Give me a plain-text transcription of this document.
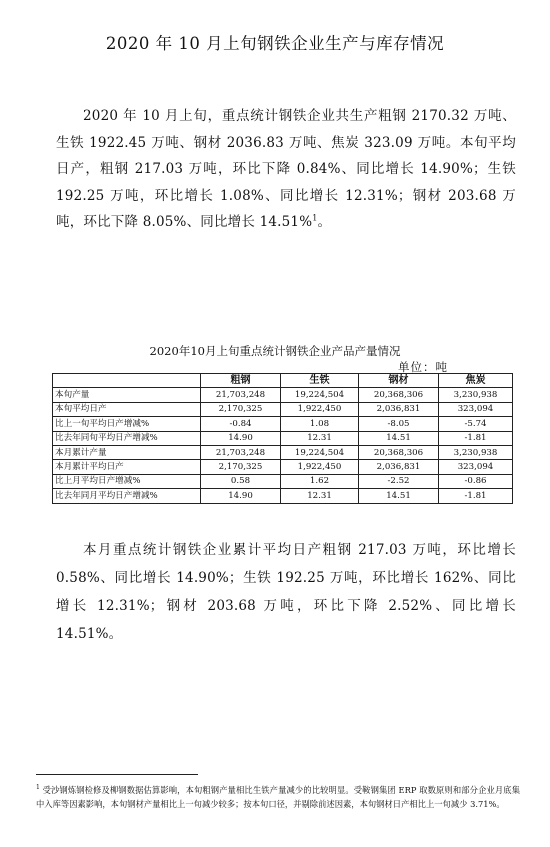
2020 年 10 月上旬钢铁企业生产与库存情况

2020 年 10 月上旬，重点统计钢铁企业共生产粗钢 2170.32 万吨、生铁 1922.45 万吨、钢材 2036.83 万吨、焦炭 323.09 万吨。本旬平均日产，粗钢 217.03 万吨，环比下降 0.84%、同比增长 14.90%；生铁 192.25 万吨，环比增长 1.08%、同比增长 12.31%；钢材 203.68 万吨，环比下降 8.05%、同比增长 14.51%$^1$。

2020年10月上旬重点统计钢铁企业产品产量情况
单位：吨
	粗钢	生铁	钢材	焦炭
本旬产量	21,703,248	19,224,504	20,368,306	3,230,938
本旬平均日产	2,170,325	1,922,450	2,036,831	323,094
比上一旬平均日产增减%	-0.84	1.08	-8.05	-5.74
比去年同旬平均日产增减%	14.90	12.31	14.51	-1.81
本月累计产量	21,703,248	19,224,504	20,368,306	3,230,938
本月累计平均日产	2,170,325	1,922,450	2,036,831	323,094
比上月平均日产增减%	0.58	1.62	-2.52	-0.86
比去年同月平均日产增减%	14.90	12.31	14.51	-1.81

本月重点统计钢铁企业累计平均日产粗钢 217.03 万吨，环比增长 0.58%、同比增长 14.90%；生铁 192.25 万吨，环比增长 162%、同比增长 12.31%；钢材 203.68 万吨，环比下降 2.52%、同比增长 14.51%。

$^1$ 受沙钢炼钢检修及柳钢数据估算影响，本旬粗钢产量相比生铁产量减少的比较明显。受鞍钢集团 ERP 取数原则和部分企业月底集中入库等因素影响，本旬钢材产量相比上一旬减少较多；按本旬口径，并剔除前述因素，本旬钢材日产相比上一旬减少 3.71%。
